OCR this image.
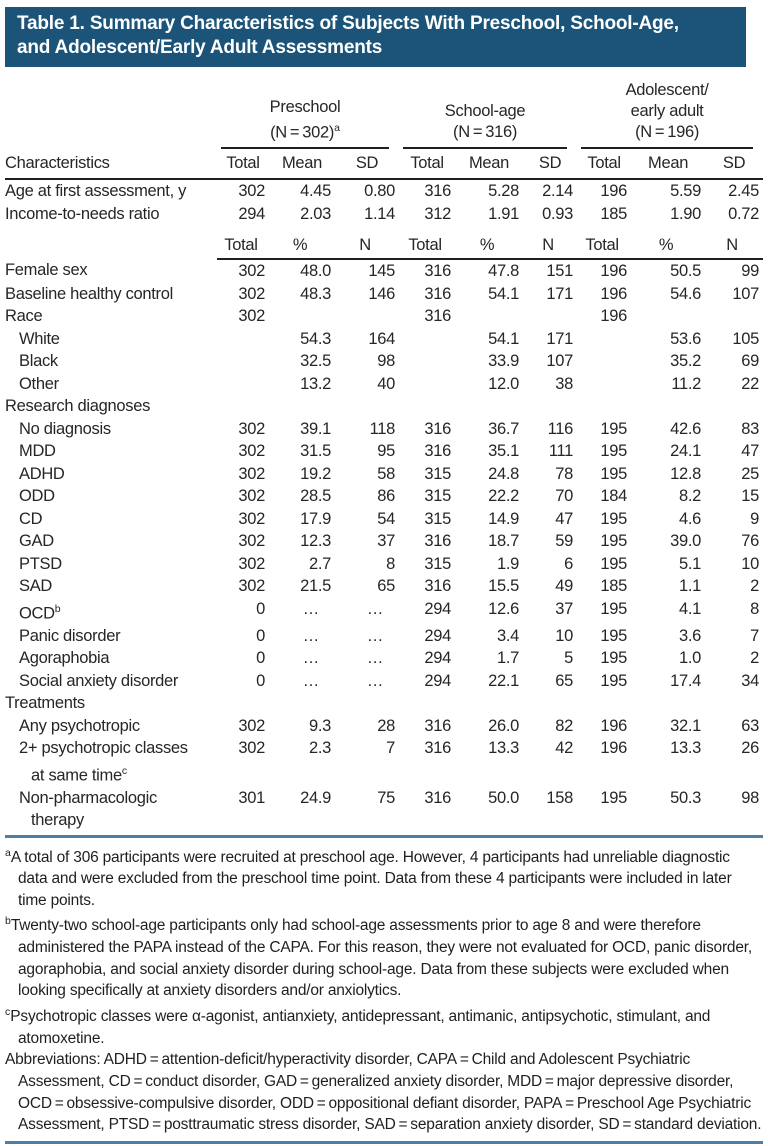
Table 1. Summary Characteristics of Subjects With Preschool, School-Age,
and Adolescent/Early Adult Assessments

Preschool
(N = 302)$^a$

School-age
(N = 316)

Adolescent/
early adult
(N = 196)

Characteristics	Total	Mean	SD	Total	Mean	SD	Total	Mean	SD
Age at first assessment, y	302	4.45	0.80	316	5.28	2.14	196	5.59	2.45
Income-to-needs ratio	294	2.03	1.14	312	1.91	0.93	185	1.90	0.72
	Total	%	N	Total	%	N	Total	%	N
Female sex	302	48.0	145	316	47.8	151	196	50.5	99
Baseline healthy control	302	48.3	146	316	54.1	171	196	54.6	107
Race	302			316			196		
White		54.3	164		54.1	171		53.6	105
Black		32.5	98		33.9	107		35.2	69
Other		13.2	40		12.0	38		11.2	22
Research diagnoses									
No diagnosis	302	39.1	118	316	36.7	116	195	42.6	83
MDD	302	31.5	95	316	35.1	111	195	24.1	47
ADHD	302	19.2	58	315	24.8	78	195	12.8	25
ODD	302	28.5	86	315	22.2	70	184	8.2	15
CD	302	17.9	54	315	14.9	47	195	4.6	9
GAD	302	12.3	37	316	18.7	59	195	39.0	76
PTSD	302	2.7	8	315	1.9	6	195	5.1	10
SAD	302	21.5	65	316	15.5	49	185	1.1	2
OCD$^b$	0	…	…	294	12.6	37	195	4.1	8
Panic disorder	0	…	…	294	3.4	10	195	3.6	7
Agoraphobia	0	…	…	294	1.7	5	195	1.0	2
Social anxiety disorder	0	…	…	294	22.1	65	195	17.4	34
Treatments									
Any psychotropic	302	9.3	28	316	26.0	82	196	32.1	63
2+ psychotropic classes
at same time$^c$	302	2.3	7	316	13.3	42	196	13.3	26
Non-pharmacologic
therapy	301	24.9	75	316	50.0	158	195	50.3	98
$^a$A total of 306 participants were recruited at preschool age. However, 4 participants had unreliable diagnostic data and were excluded from the preschool time point. Data from these 4 participants were included in later time points.
$^b$Twenty-two school-age participants only had school-age assessments prior to age 8 and were therefore administered the PAPA instead of the CAPA. For this reason, they were not evaluated for OCD, panic disorder, agoraphobia, and social anxiety disorder during school-age. Data from these subjects were excluded when looking specifically at anxiety disorders and/or anxiolytics.
$^c$Psychotropic classes were α-agonist, antianxiety, antidepressant, antimanic, antipsychotic, stimulant, and atomoxetine.
Abbreviations: ADHD = attention-deficit/hyperactivity disorder, CAPA = Child and Adolescent Psychiatric Assessment, CD = conduct disorder, GAD = generalized anxiety disorder, MDD = major depressive disorder, OCD = obsessive-compulsive disorder, ODD = oppositional defiant disorder, PAPA = Preschool Age Psychiatric Assessment, PTSD = posttraumatic stress disorder, SAD = separation anxiety disorder, SD = standard deviation.
